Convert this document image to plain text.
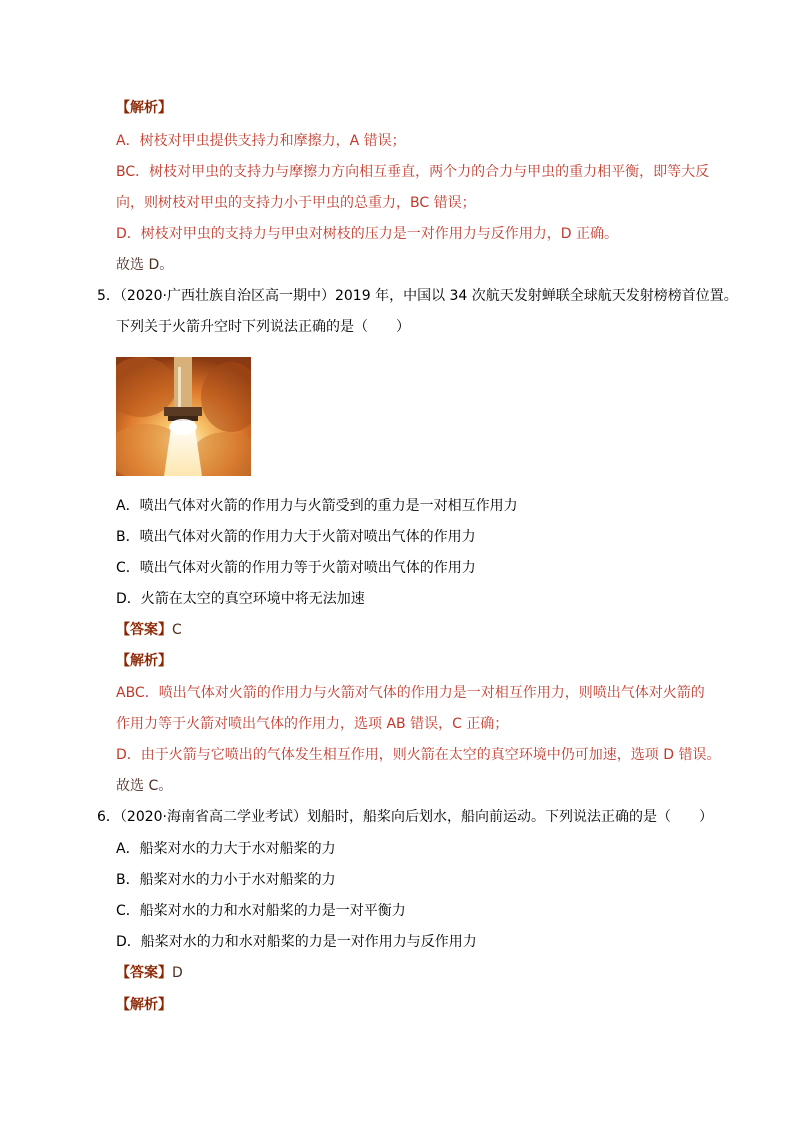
【解析】
A．树枝对甲虫提供支持力和摩擦力，A 错误；
BC．树枝对甲虫的支持力与摩擦力方向相互垂直，两个力的合力与甲虫的重力相平衡，即等大反
向，则树枝对甲虫的支持力小于甲虫的总重力，BC 错误；
D．树枝对甲虫的支持力与甲虫对树枝的压力是一对作用力与反作用力，D 正确。
故选 D。
5．（2020·广西壮族自治区高一期中）2019 年，中国以 34 次航天发射蝉联全球航天发射榜榜首位置。
下列关于火箭升空时下列说法正确的是（　　）
A．喷出气体对火箭的作用力与火箭受到的重力是一对相互作用力
B．喷出气体对火箭的作用力大于火箭对喷出气体的作用力
C．喷出气体对火箭的作用力等于火箭对喷出气体的作用力
D．火箭在太空的真空环境中将无法加速
【答案】C
【解析】
ABC．喷出气体对火箭的作用力与火箭对气体的作用力是一对相互作用力，则喷出气体对火箭的
作用力等于火箭对喷出气体的作用力，选项 AB 错误，C 正确；
D．由于火箭与它喷出的气体发生相互作用，则火箭在太空的真空环境中仍可加速，选项 D 错误。
故选 C。
6．（2020·海南省高二学业考试）划船时，船桨向后划水，船向前运动。下列说法正确的是（　　）
A．船桨对水的力大于水对船桨的力
B．船桨对水的力小于水对船桨的力
C．船桨对水的力和水对船桨的力是一对平衡力
D．船桨对水的力和水对船桨的力是一对作用力与反作用力
【答案】D
【解析】
